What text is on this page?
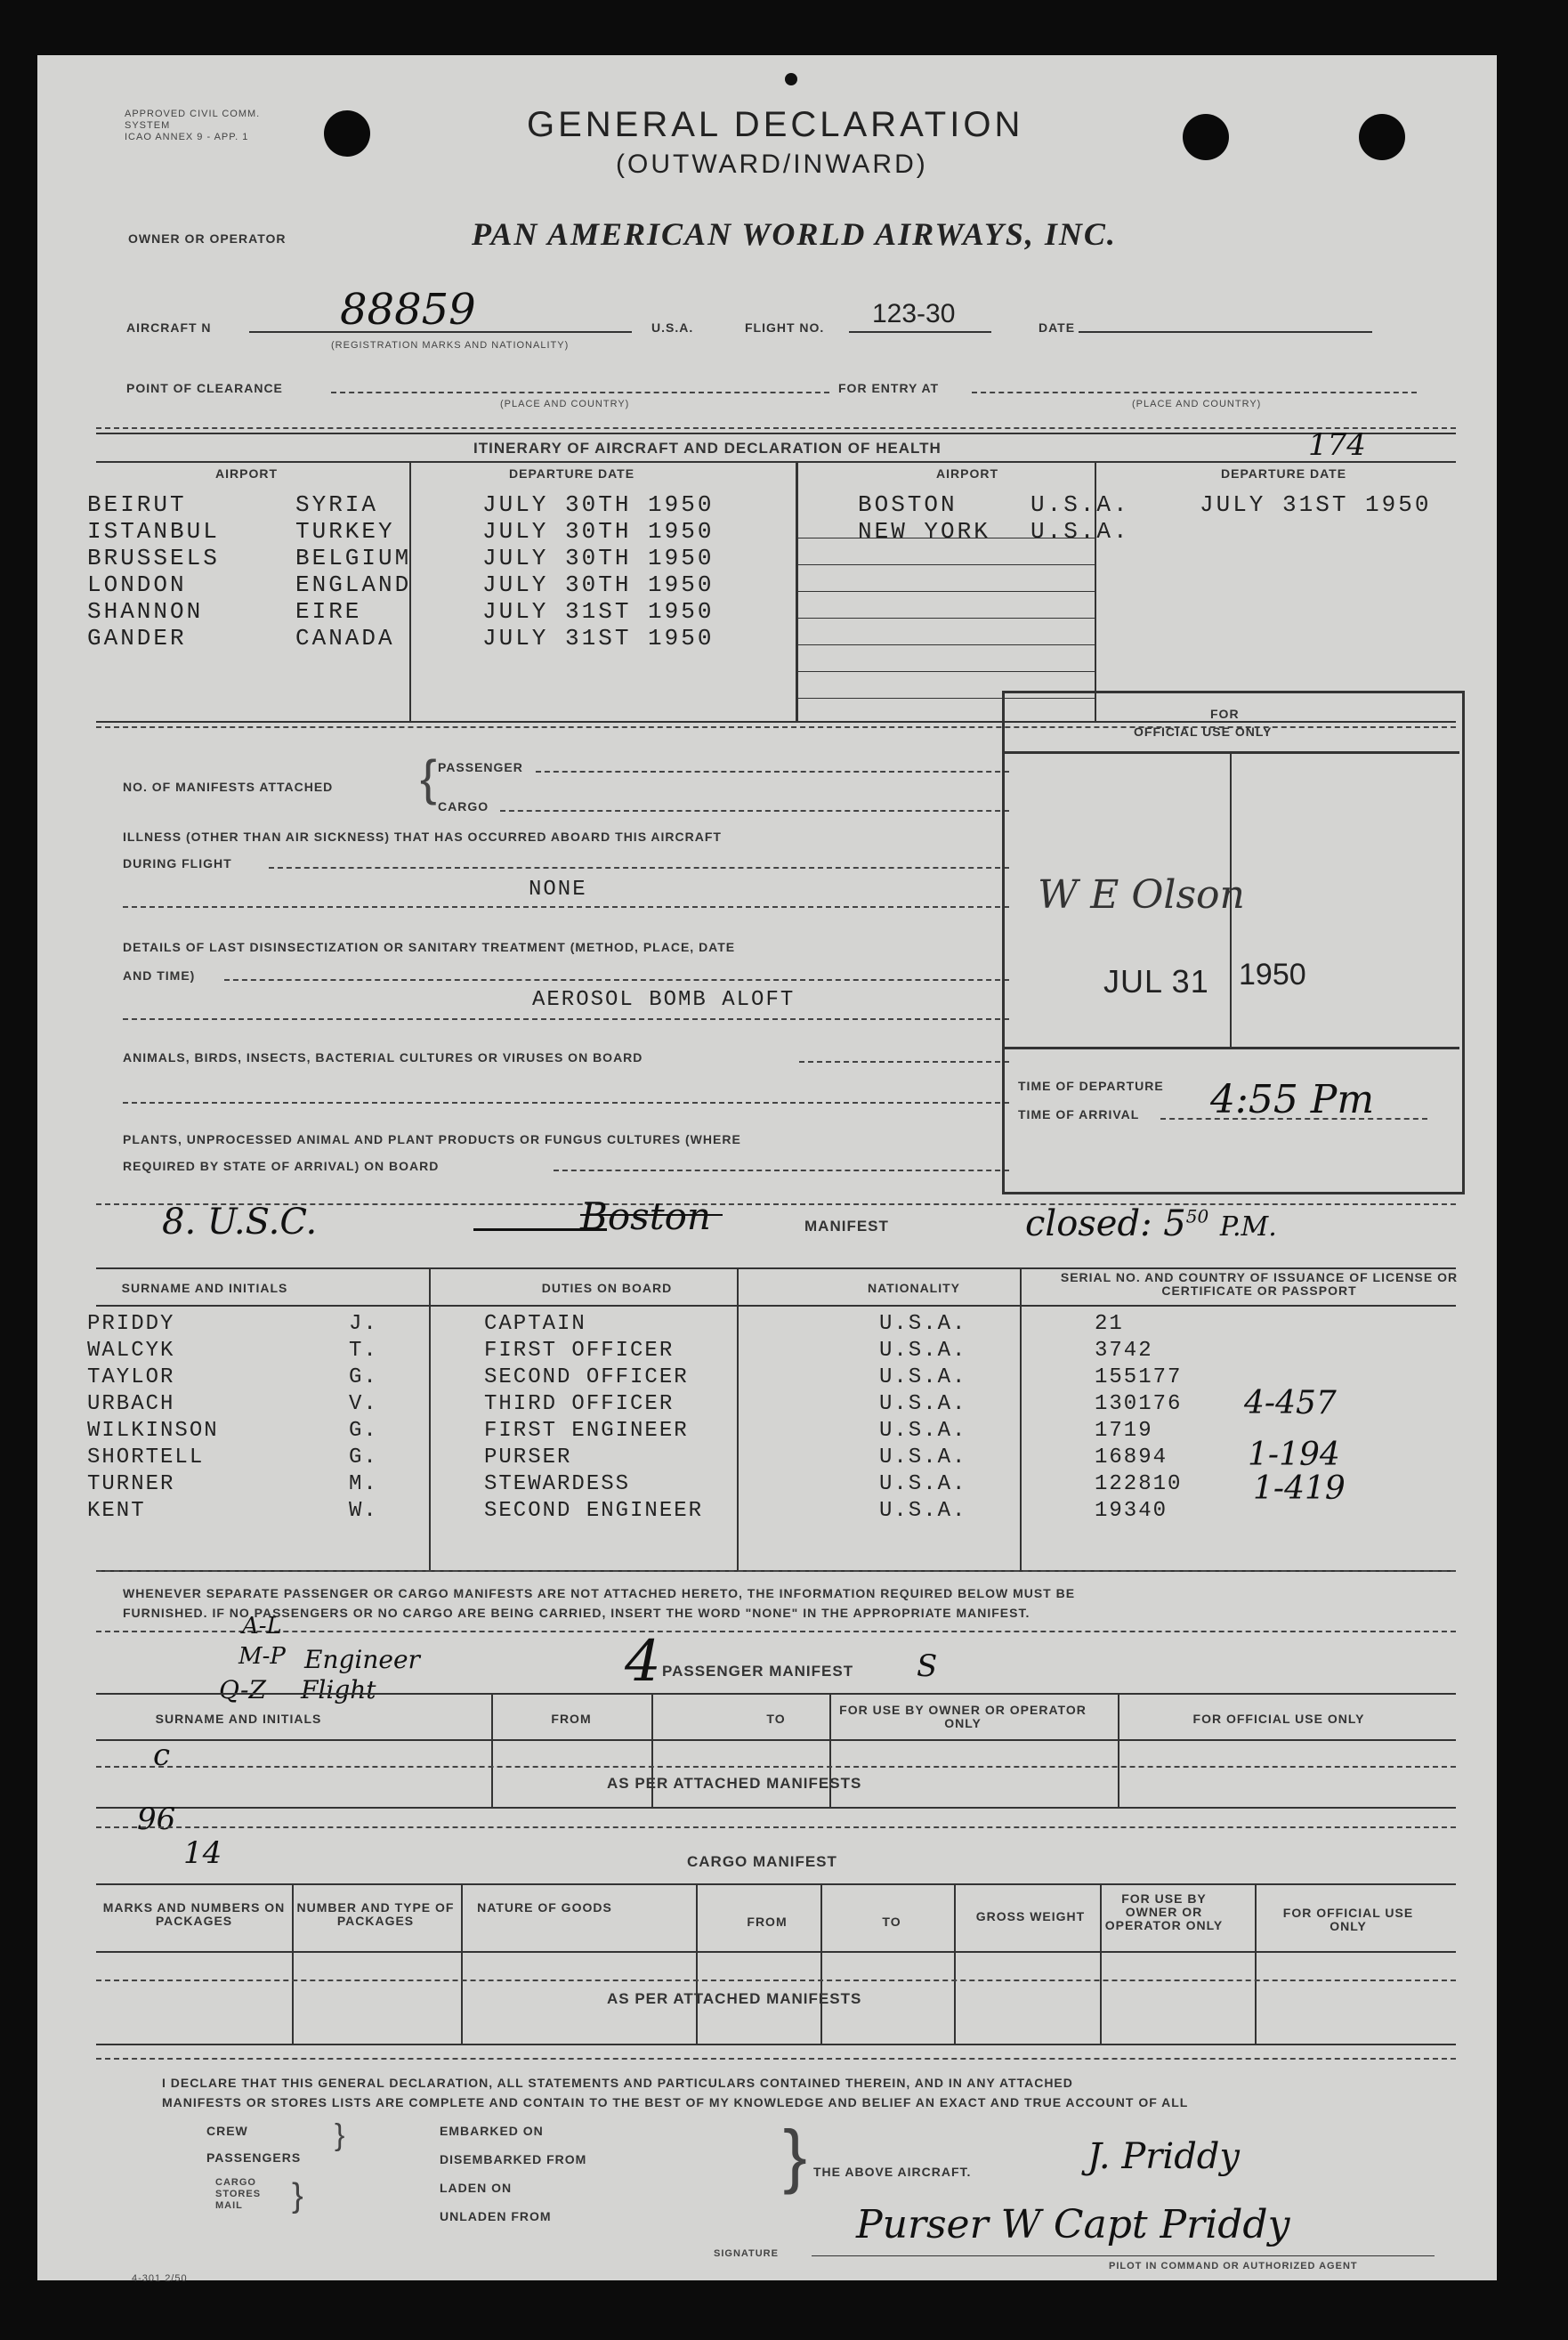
APPROVED CIVIL COMM.
SYSTEM
ICAO ANNEX 9 - APP. 1	GENERAL DECLARATION
(OUTWARD/INWARD)
OWNER OR OPERATOR	PAN AMERICAN WORLD AIRWAYS, INC.
AIRCRAFT N	88859
(REGISTRATION MARKS AND NATIONALITY)
U.S.A.	FLIGHT NO. 123-30	DATE
POINT OF CLEARANCE
(PLACE AND COUNTRY)
FOR ENTRY AT
(PLACE AND COUNTRY)
ITINERARY OF AIRCRAFT AND DECLARATION OF HEALTH	174
AIRPORT	DEPARTURE DATE	AIRPORT	DEPARTURE DATE
BEIRUT	SYRIA	JULY 30TH 1950	BOSTON	U.S.A.	JULY 31ST 1950
ISTANBUL	TURKEY	JULY 30TH 1950	NEW YORK U.S.A.
BRUSSELS	BELGIUM	JULY 30TH 1950
LONDON	ENGLAND	JULY 30TH 1950
SHANNON	EIRE	JULY 31ST 1950
GANDER	CANADA	JULY 31ST 1950
PASSENGER
{
NO. OF MANIFESTS ATTACHED
CARGO
ILLNESS (OTHER THAN AIR SICKNESS) THAT HAS OCCURRED ABOARD THIS AIRCRAFT
DURING FLIGHT
NONE
DETAILS OF LAST DISINSECTIZATION OR SANITARY TREATMENT (METHOD, PLACE, DATE
AND TIME)
AEROSOL BOMB ALOFT
ANIMALS, BIRDS, INSECTS, BACTERIAL CULTURES OR VIRUSES ON BOARD
PLANTS, UNPROCESSED ANIMAL AND PLANT PRODUCTS OR FUNGUS CULTURES (WHERE
REQUIRED BY STATE OF ARRIVAL) ON BOARD
FOR
OFFICIAL USE ONLY
W E Olson
JUL 31 1950
TIME OF DEPARTURE
TIME OF ARRIVAL 4:55 Pm
8. U.S.C.	Boston	MANIFEST	closed: $5^{50}$ P.M.
SURNAME AND INITIALS	DUTIES ON BOARD	NATIONALITY
SERIAL NO. AND COUNTRY OF ISSUANCE OF LICENSE OR CERTIFICATE OR PASSPORT
PRIDDY	J.	CAPTAIN	U.S.A.	21
WALCYK	T.	FIRST OFFICER	U.S.A.	3742
TAYLOR	G.	SECOND OFFICER	U.S.A.	155177
URBACH	V.	THIRD OFFICER	U.S.A.	130176 4-457
WILKINSON	G.	FIRST ENGINEER	U.S.A.	1719
SHORTELL	G.	PURSER	U.S.A.	16894 1-194
TURNER	M.	STEWARDESS	U.S.A.	122810 1-419
KENT	W.	SECOND ENGINEER	U.S.A.	19340
WHENEVER SEPARATE PASSENGER OR CARGO MANIFESTS ARE NOT ATTACHED HERETO, THE INFORMATION REQUIRED BELOW MUST BE
FURNISHED. IF NO PASSENGERS OR NO CARGO ARE BEING CARRIED, INSERT THE WORD "NONE" IN THE APPROPRIATE MANIFEST.
A-L
M-P Engineer
Q-Z Flight	4 PASSENGER MANIFEST S
SURNAME AND INITIALS	FROM	TO
FOR USE BY OWNER OR OPERATOR ONLY	FOR OFFICIAL USE ONLY
AS PER ATTACHED MANIFESTS
c
96
14	CARGO MANIFEST
MARKS AND NUMBERS ON PACKAGES
NUMBER AND TYPE OF PACKAGES
NATURE OF GOODS
FROM	TO	GROSS WEIGHT
FOR USE BY OWNER OR OPERATOR ONLY
FOR OFFICIAL USE ONLY
AS PER ATTACHED MANIFESTS
I DECLARE THAT THIS GENERAL DECLARATION, ALL STATEMENTS AND PARTICULARS CONTAINED THEREIN, AND IN ANY ATTACHED
MANIFESTS OR STORES LISTS ARE COMPLETE AND CONTAIN TO THE BEST OF MY KNOWLEDGE AND BELIEF AN EXACT AND TRUE ACCOUNT OF ALL
CREW
PASSENGERS
}
CARGO
STORES
MAIL	}
EMBARKED ON
DISEMBARKED FROM
LADEN ON
UNLADEN FROM
} THE ABOVE AIRCRAFT.	J. Priddy
SIGNATURE
Purser W Capt Priddy
PILOT IN COMMAND OR AUTHORIZED AGENT
4-301 2/50
